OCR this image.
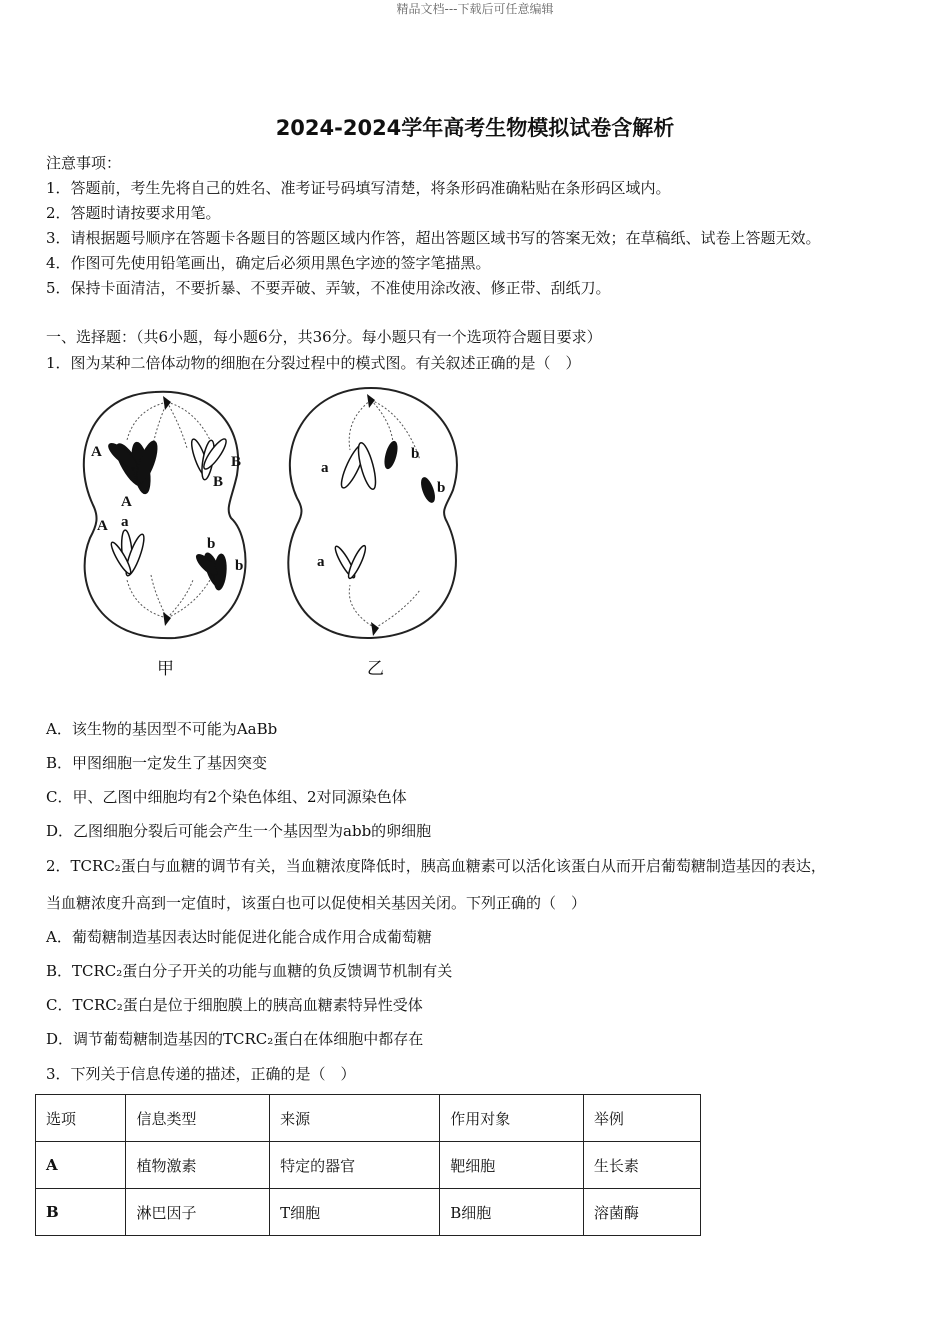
精品文档---下载后可任意编辑
2024-2024学年高考生物模拟试卷含解析
注意事项：
1．答题前，考生先将自己的姓名、准考证号码填写清楚，将条形码准确粘贴在条形码区域内。
2．答题时请按要求用笔。
3．请根据题号顺序在答题卡各题目的答题区域内作答，超出答题区域书写的答案无效；在草稿纸、试卷上答题无效。
4．作图可先使用铅笔画出，确定后必须用黑色字迹的签字笔描黑。
5．保持卡面清洁，不要折暴、不要弄破、弄皱，不准使用涂改液、修正带、刮纸刀。
一、选择题：（共6小题，每小题6分，共36分。每小题只有一个选项符合题目要求）
1．图为某种二倍体动物的细胞在分裂过程中的模式图。有关叙述正确的是（　）
A
A
B
B
A a
b
b
a
b
b
a
甲	乙
A．该生物的基因型不可能为AaBb
B．甲图细胞一定发生了基因突变
C．甲、乙图中细胞均有2个染色体组、2对同源染色体
D．乙图细胞分裂后可能会产生一个基因型为abb的卵细胞
2．TCRC₂蛋白与血糖的调节有关，当血糖浓度降低时，胰高血糖素可以活化该蛋白从而开启葡萄糖制造基因的表达，
当血糖浓度升高到一定值时，该蛋白也可以促使相关基因关闭。下列正确的（　）
A．葡萄糖制造基因表达时能促进化能合成作用合成葡萄糖
B．TCRC₂蛋白分子开关的功能与血糖的负反馈调节机制有关
C．TCRC₂蛋白是位于细胞膜上的胰高血糖素特异性受体
D．调节葡萄糖制造基因的TCRC₂蛋白在体细胞中都存在
3．下列关于信息传递的描述，正确的是（　）
选项	信息类型	来源	作用对象	举例
A	植物激素	特定的器官	靶细胞	生长素
B	淋巴因子	T细胞	B细胞	溶菌酶
